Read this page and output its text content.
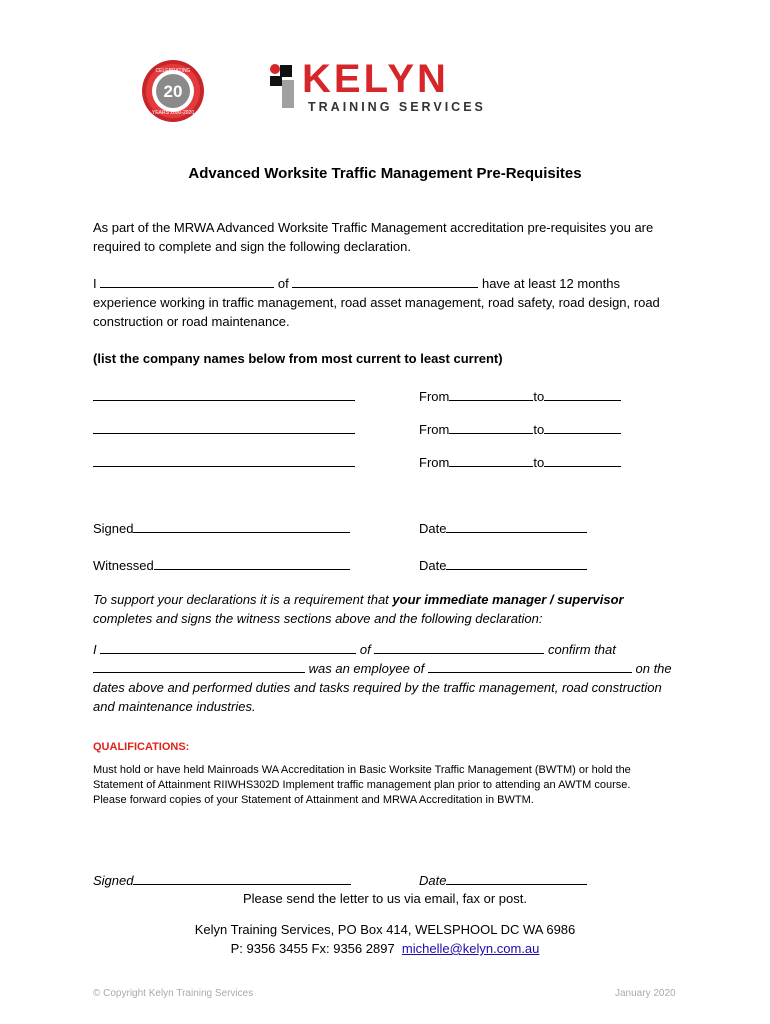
20
CELEBRATING
YEARS 2000-2020
KELYN
TRAINING SERVICES
Advanced Worksite Traffic Management Pre-Requisites
As part of the MRWA Advanced Worksite Traffic Management accreditation pre-requisites you are
required to complete and sign the following declaration.
I	of	have at least 12 months
experience working in traffic management, road asset management, road safety, road design, road
construction or road maintenance.
(list the company names below from most current to least current)
From	to
From	to
From	to
Signed	Date
Witnessed	Date
To support your declarations it is a requirement that your immediate manager / supervisor
completes and signs the witness sections above and the following declaration:
I	of	confirm that
was an employee of	on the
dates above and performed duties and tasks required by the traffic management, road construction
and maintenance industries.
QUALIFICATIONS:
Must hold or have held Mainroads WA Accreditation in Basic Worksite Traffic Management (BWTM) or hold the
Statement of Attainment RIIWHS302D Implement traffic management plan prior to attending an AWTM course.
Please forward copies of your Statement of Attainment and MRWA Accreditation in BWTM.
Signed	Date
Please send the letter to us via email, fax or post.
Kelyn Training Services, PO Box 414, WELSPHOOL DC WA 6986
P: 9356 3455 Fx: 9356 2897 michelle@kelyn.com.au
© Copyright Kelyn Training Services	January 2020
